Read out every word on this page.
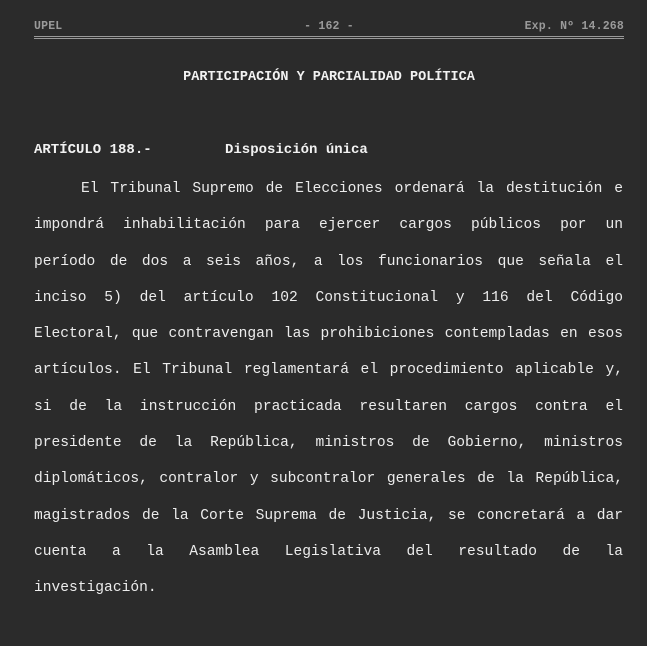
UPEL	- 162 -	Exp. Nº 14.268
PARTICIPACIÓN Y PARCIALIDAD POLÍTICA
ARTÍCULO 188.-	Disposición única

El Tribunal Supremo de Elecciones ordenará la destitución e impondrá inhabilitación para ejercer cargos públicos por un período de dos a seis años, a los funcionarios que señala el inciso 5) del artículo 102 Constitucional y 116 del Código Electoral, que contravengan las prohibiciones contempladas en esos artículos. El Tribunal reglamentará el procedimiento aplicable y, si de la instrucción practicada resultaren cargos contra el presidente de la República, ministros de Gobierno, ministros diplomáticos, contralor y subcontralor generales de la República, magistrados de la Corte Suprema de Justicia, se concretará a dar cuenta a la Asamblea Legislativa del resultado de la investigación.
